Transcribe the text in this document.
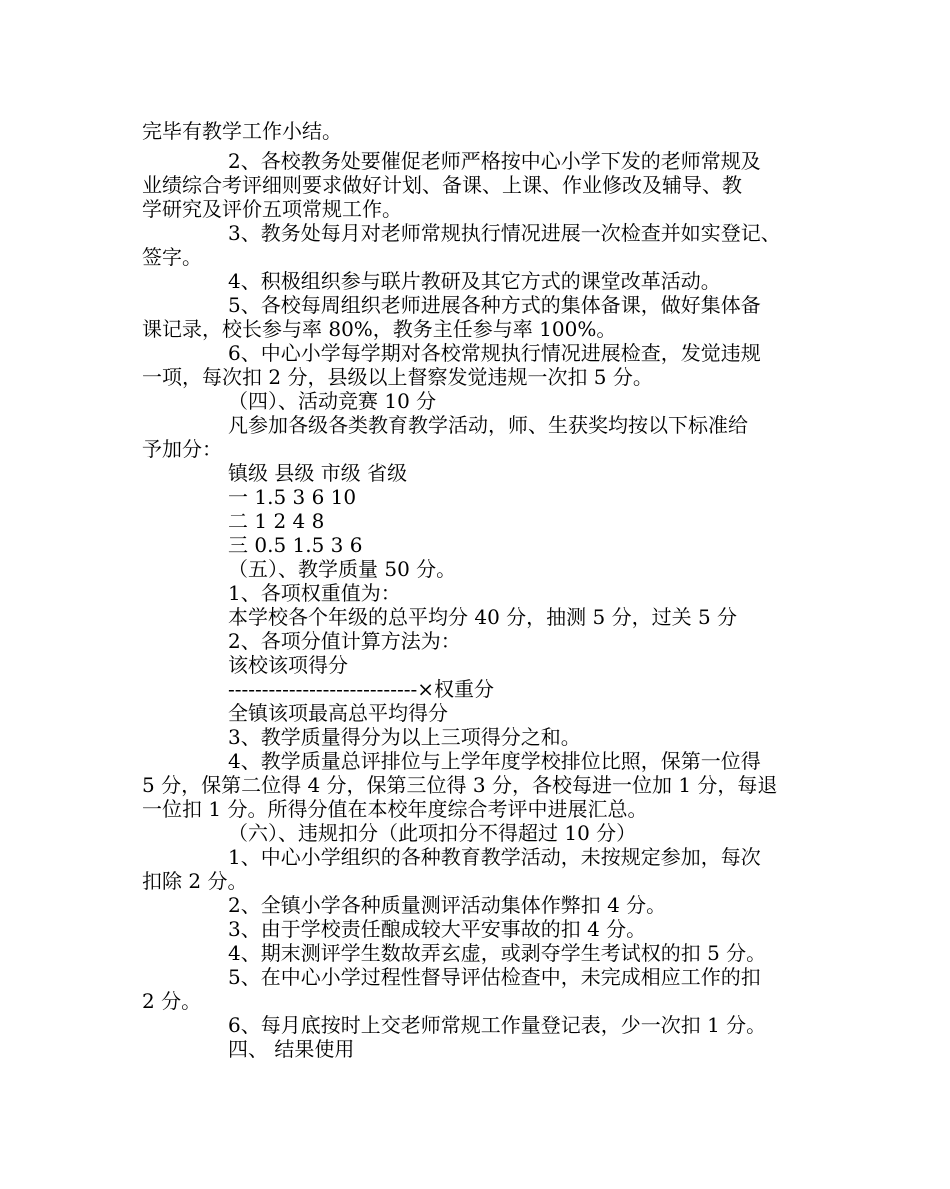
完毕有教学工作小结。
2、各校教务处要催促老师严格按中心小学下发的老师常规及
业绩综合考评细则要求做好计划、备课、上课、作业修改及辅导、教
学研究及评价五项常规工作。
3、教务处每月对老师常规执行情况进展一次检查并如实登记、
签字。
4、积极组织参与联片教研及其它方式的课堂改革活动。
5、各校每周组织老师进展各种方式的集体备课，做好集体备
课记录，校长参与率 80%，教务主任参与率 100%。
6、中心小学每学期对各校常规执行情况进展检查，发觉违规
一项，每次扣 2 分，县级以上督察发觉违规一次扣 5 分。
（四）、活动竞赛 10 分
凡参加各级各类教育教学活动，师、生获奖均按以下标准给
予加分：
镇级 县级 市级 省级
一 1.5 3 6 10
二 1 2 4 8
三 0.5 1.5 3 6
（五）、教学质量 50 分。
1、各项权重值为：
本学校各个年级的总平均分 40 分，抽测 5 分，过关 5 分
2、各项分值计算方法为：
该校该项得分
----------------------------×权重分
全镇该项最高总平均得分
3、教学质量得分为以上三项得分之和。
4、教学质量总评排位与上学年度学校排位比照，保第一位得
5 分，保第二位得 4 分，保第三位得 3 分，各校每进一位加 1 分，每退
一位扣 1 分。所得分值在本校年度综合考评中进展汇总。
（六）、违规扣分（此项扣分不得超过 10 分）
1、中心小学组织的各种教育教学活动，未按规定参加，每次
扣除 2 分。
2、全镇小学各种质量测评活动集体作弊扣 4 分。
3、由于学校责任酿成较大平安事故的扣 4 分。
4、期末测评学生数故弄玄虚，或剥夺学生考试权的扣 5 分。
5、在中心小学过程性督导评估检查中，未完成相应工作的扣
2 分。
6、每月底按时上交老师常规工作量登记表，少一次扣 1 分。
四、 结果使用
